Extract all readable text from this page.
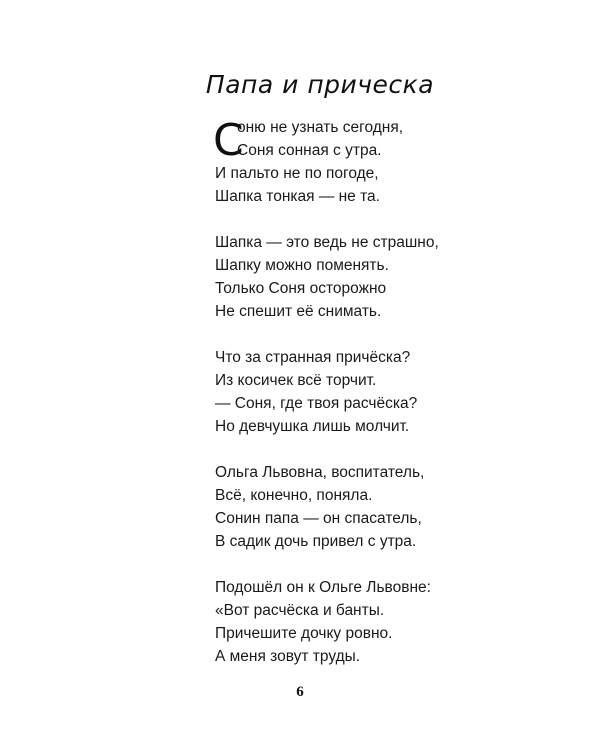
Папа и прическа
С
оню не узнать сегодня,
Соня сонная с утра.
И пальто не по погоде,
Шапка тонкая — не та.
Шапка — это ведь не страшно,
Шапку можно поменять.
Только Соня осторожно
Не спешит её снимать.
Что за странная причёска?
Из косичек всё торчит.
— Соня, где твоя расчёска?
Но девчушка лишь молчит.
Ольга Львовна, воспитатель,
Всё, конечно, поняла.
Сонин папа — он спасатель,
В садик дочь привел с утра.
Подошёл он к Ольге Львовне:
«Вот расчёска и банты.
Причешите дочку ровно.
А меня зовут труды.
6
